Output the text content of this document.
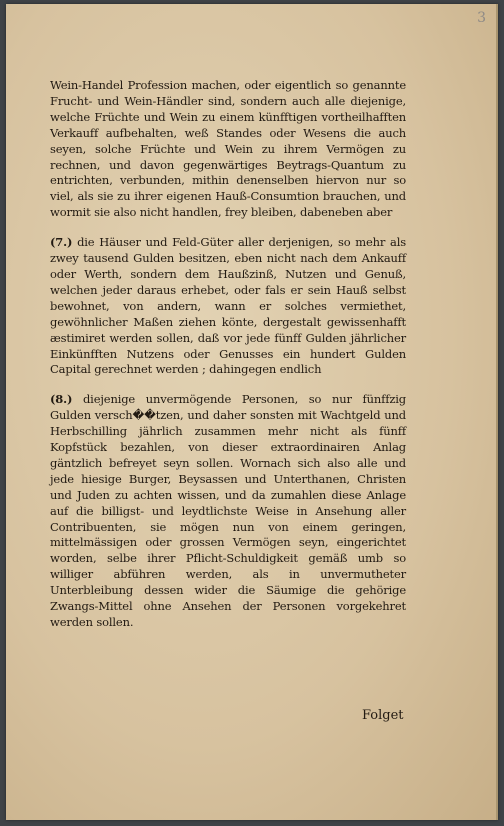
3

Wein-Handel Profession machen, oder eigentlich so genannte Frucht- und Wein-Händler sind, sondern auch alle diejenige, welche Früchte und Wein zu einem künfftigen vortheilhafften Verkauff aufbehalten, weß Standes oder Wesens die auch seyen, solche Früchte und Wein zu ihrem Vermögen zu rechnen, und davon gegenwärtiges Beytrags-Quantum zu entrichten, verbunden, mithin denenselben hiervon nur so viel, als sie zu ihrer eigenen Hauß-Consumtion brauchen, und wormit sie also nicht handlen, frey bleiben, dabeneben aber

(7.) die Häuser und Feld-Güter aller derjenigen, so mehr als zwey tausend Gulden besitzen, eben nicht nach dem Ankauff oder Werth, sondern dem Haußzinß, Nutzen und Genuß, welchen jeder daraus erhebet, oder fals er sein Hauß selbst bewohnet, von andern, wann er solches vermiethet, gewöhnlicher Maßen ziehen könte, dergestalt gewissenhafft æstimiret werden sollen, daß vor jede fünff Gulden jährlicher Einkünfften Nutzens oder Genusses ein hundert Gulden Capital gerechnet werden ; dahingegen endlich

(8.) diejenige unvermögende Personen, so nur fünffzig Gulden versch��tzen, und daher sonsten mit Wachtgeld und Herbschilling jährlich zusammen mehr nicht als fünff Kopfstück bezahlen, von dieser extraordinairen Anlag gäntzlich befreyet seyn sollen. Wornach sich also alle und jede hiesige Burger, Beysassen und Unterthanen, Christen und Juden zu achten wissen, und da zumahlen diese Anlage auf die billigst- und leydtlichste Weise in Ansehung aller Contribuenten, sie mögen nun von einem geringen, mittelmässigen oder grossen Vermögen seyn, eingerichtet worden, selbe ihrer Pflicht-Schuldigkeit gemäß umb so williger abführen werden, als in unvermutheter Unterbleibung dessen wider die Säumige die gehörige Zwangs-Mittel ohne Ansehen der Personen vorgekehret werden sollen.

Folget
